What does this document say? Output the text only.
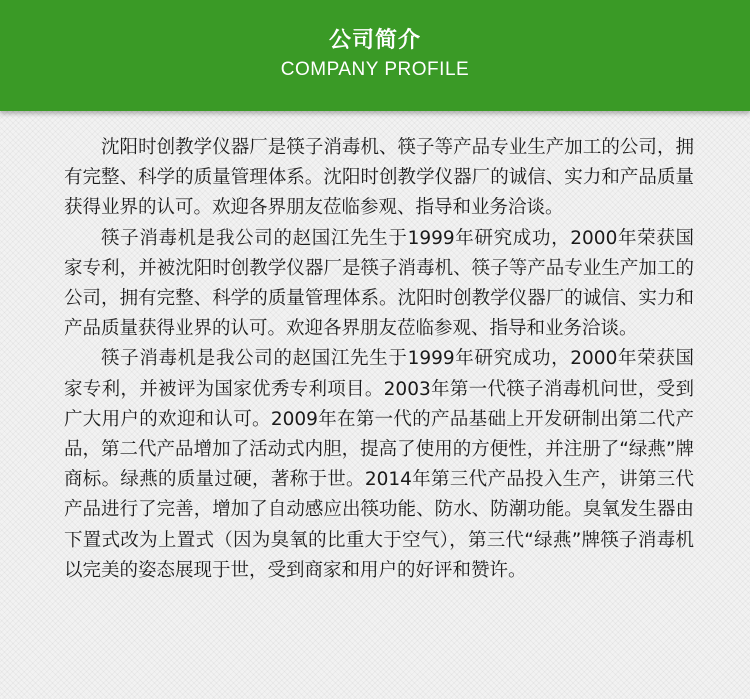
公司简介
COMPANY PROFILE

沈阳时创教学仪器厂是筷子消毒机、筷子等产品专业生产加工的公司，拥有完整、科学的质量管理体系。沈阳时创教学仪器厂的诚信、实力和产品质量获得业界的认可。欢迎各界朋友莅临参观、指导和业务洽谈。

筷子消毒机是我公司的赵国江先生于1999年研究成功，2000年荣获国家专利，并被沈阳时创教学仪器厂是筷子消毒机、筷子等产品专业生产加工的公司，拥有完整、科学的质量管理体系。沈阳时创教学仪器厂的诚信、实力和产品质量获得业界的认可。欢迎各界朋友莅临参观、指导和业务洽谈。

筷子消毒机是我公司的赵国江先生于1999年研究成功，2000年荣获国家专利，并被评为国家优秀专利项目。2003年第一代筷子消毒机问世，受到广大用户的欢迎和认可。2009年在第一代的产品基础上开发研制出第二代产品，第二代产品增加了活动式内胆，提高了使用的方便性，并注册了“绿燕”牌商标。绿燕的质量过硬，著称于世。2014年第三代产品投入生产，讲第三代产品进行了完善，增加了自动感应出筷功能、防水、防潮功能。臭氧发生器由下置式改为上置式（因为臭氧的比重大于空气），第三代“绿燕”牌筷子消毒机以完美的姿态展现于世，受到商家和用户的好评和赞许。
